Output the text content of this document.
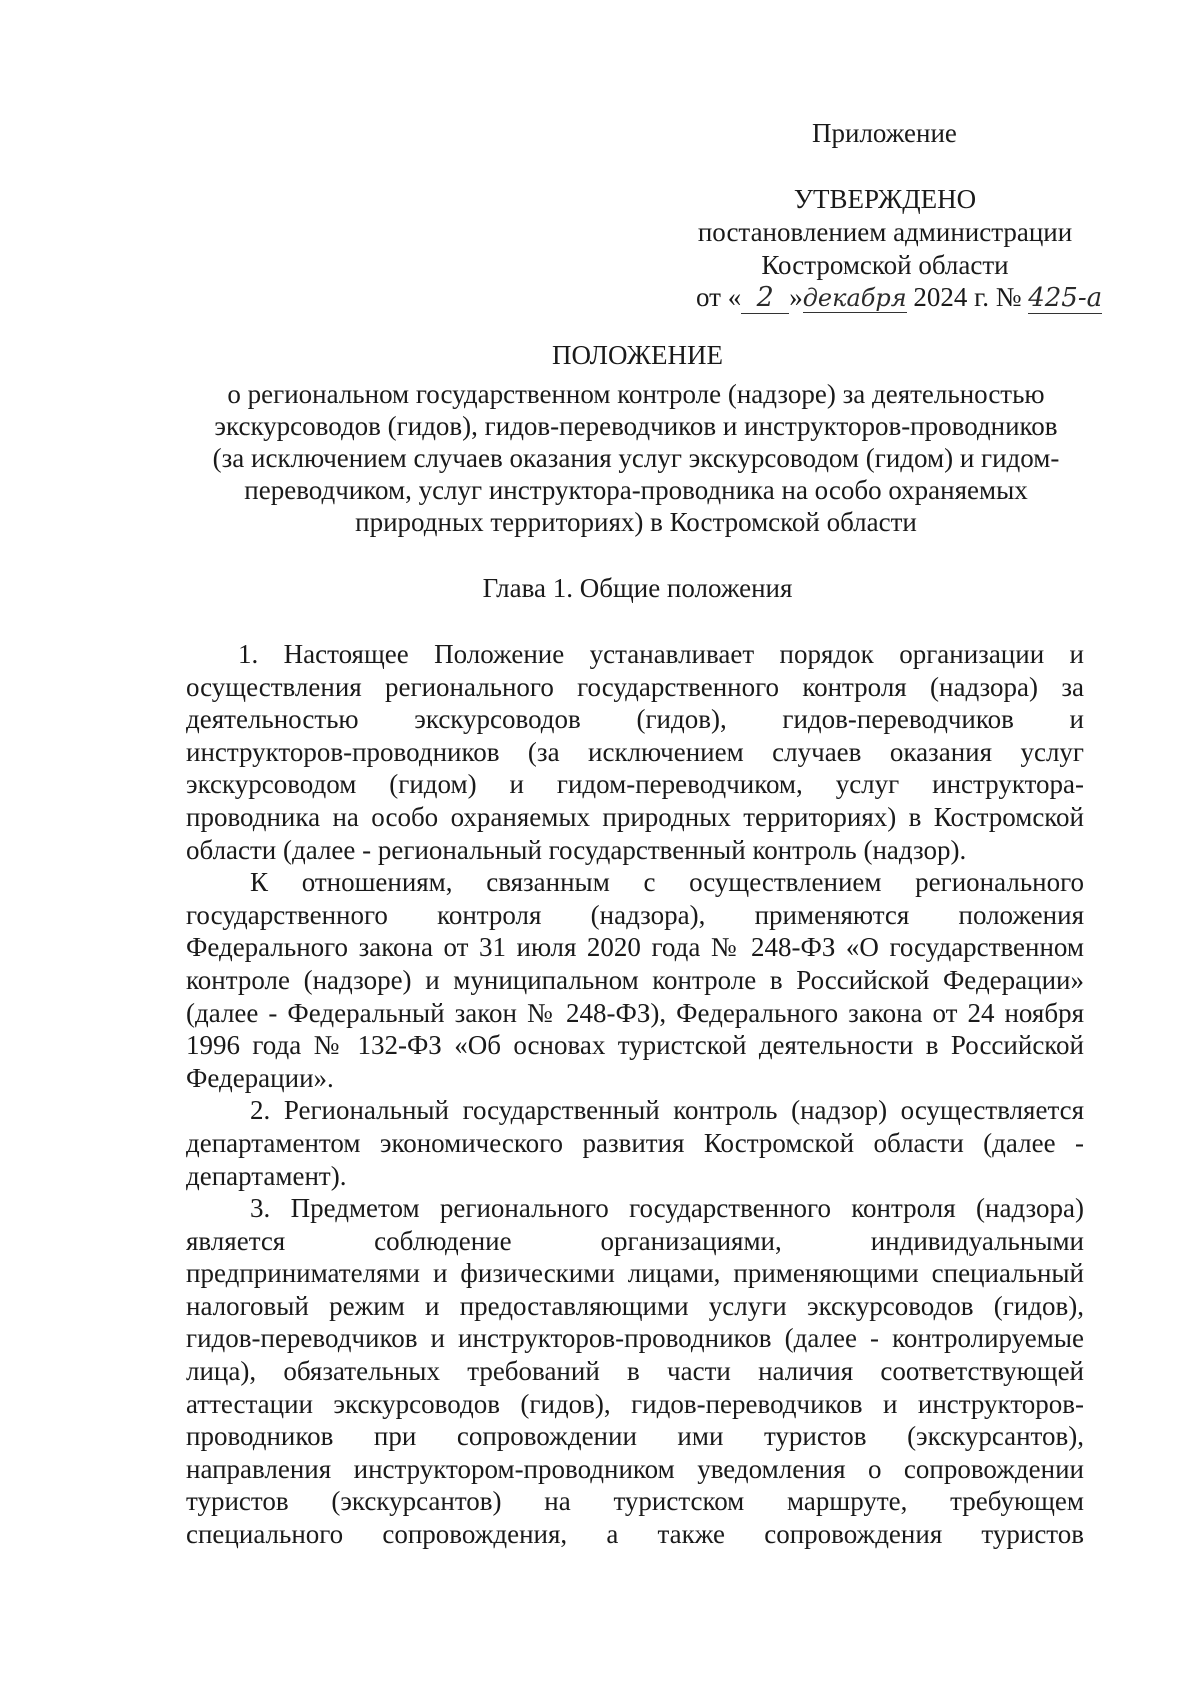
Приложение
УТВЕРЖДЕНО
постановлением администрации
Костромской области
от « 2 »декабря 2024 г. № 425-а
ПОЛОЖЕНИЕ
о региональном государственном контроле (надзоре) за деятельностью
экскурсоводов (гидов), гидов-переводчиков и инструкторов-проводников
(за исключением случаев оказания услуг экскурсоводом (гидом) и гидом-
переводчиком, услуг инструктора-проводника на особо охраняемых
природных территориях) в Костромской области
Глава 1. Общие положения
1. Настоящее Положение устанавливает порядок организации и
осуществления регионального государственного контроля (надзора) за
деятельностью экскурсоводов (гидов), гидов-переводчиков и
инструкторов-проводников (за исключением случаев оказания услуг
экскурсоводом (гидом) и гидом-переводчиком, услуг инструктора-
проводника на особо охраняемых природных территориях) в Костромской
области (далее - региональный государственный контроль (надзор).
К отношениям, связанным с осуществлением регионального
государственного контроля (надзора), применяются положения
Федерального закона от 31 июля 2020 года № 248-ФЗ «О государственном
контроле (надзоре) и муниципальном контроле в Российской Федерации»
(далее - Федеральный закон № 248-ФЗ), Федерального закона от 24 ноября
1996 года № 132-ФЗ «Об основах туристской деятельности в Российской
Федерации».
2. Региональный государственный контроль (надзор) осуществляется
департаментом экономического развития Костромской области (далее -
департамент).
3. Предметом регионального государственного контроля (надзора)
является соблюдение организациями, индивидуальными
предпринимателями и физическими лицами, применяющими специальный
налоговый режим и предоставляющими услуги экскурсоводов (гидов),
гидов-переводчиков и инструкторов-проводников (далее - контролируемые
лица), обязательных требований в части наличия соответствующей
аттестации экскурсоводов (гидов), гидов-переводчиков и инструкторов-
проводников при сопровождении ими туристов (экскурсантов),
направления инструктором-проводником уведомления о сопровождении
туристов (экскурсантов) на туристском маршруте, требующем
специального сопровождения, а также сопровождения туристов
